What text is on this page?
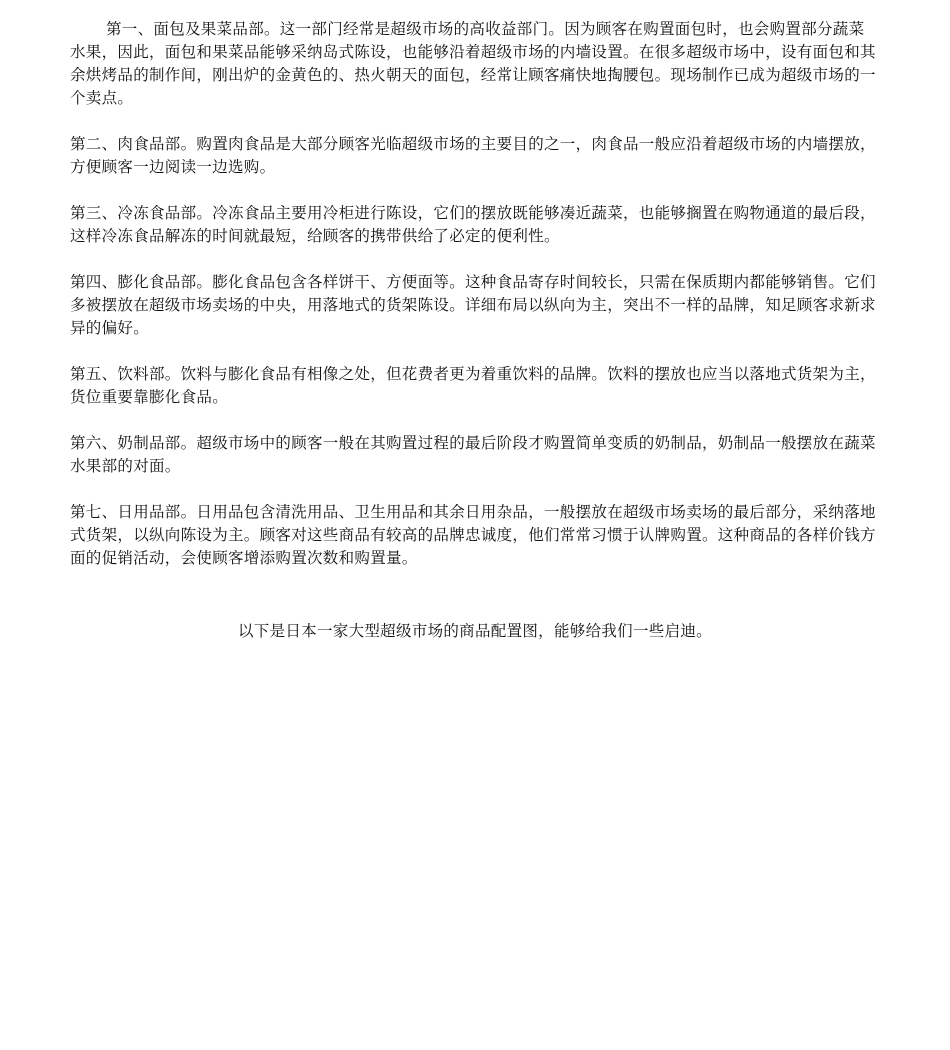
第一、面包及果菜品部。这一部门经常是超级市场的高收益部门。因为顾客在购置面包时，也会购置部分蔬菜水果，因此，面包和果菜品能够采纳岛式陈设，也能够沿着超级市场的内墙设置。在很多超级市场中，设有面包和其余烘烤品的制作间，刚出炉的金黄色的、热火朝天的面包，经常让顾客痛快地掏腰包。现场制作已成为超级市场的一个卖点。

第二、肉食品部。购置肉食品是大部分顾客光临超级市场的主要目的之一，肉食品一般应沿着超级市场的内墙摆放，方便顾客一边阅读一边选购。

第三、冷冻食品部。冷冻食品主要用冷柜进行陈设，它们的摆放既能够凑近蔬菜，也能够搁置在购物通道的最后段，这样冷冻食品解冻的时间就最短，给顾客的携带供给了必定的便利性。

第四、膨化食品部。膨化食品包含各样饼干、方便面等。这种食品寄存时间较长，只需在保质期内都能够销售。它们多被摆放在超级市场卖场的中央，用落地式的货架陈设。详细布局以纵向为主，突出不一样的品牌，知足顾客求新求异的偏好。

第五、饮料部。饮料与膨化食品有相像之处，但花费者更为着重饮料的品牌。饮料的摆放也应当以落地式货架为主，货位重要靠膨化食品。

第六、奶制品部。超级市场中的顾客一般在其购置过程的最后阶段才购置简单变质的奶制品，奶制品一般摆放在蔬菜水果部的对面。

第七、日用品部。日用品包含清洗用品、卫生用品和其余日用杂品，一般摆放在超级市场卖场的最后部分，采纳落地式货架，以纵向陈设为主。顾客对这些商品有较高的品牌忠诚度，他们常常习惯于认牌购置。这种商品的各样价钱方面的促销活动，会使顾客增添购置次数和购置量。

以下是日本一家大型超级市场的商品配置图，能够给我们一些启迪。
